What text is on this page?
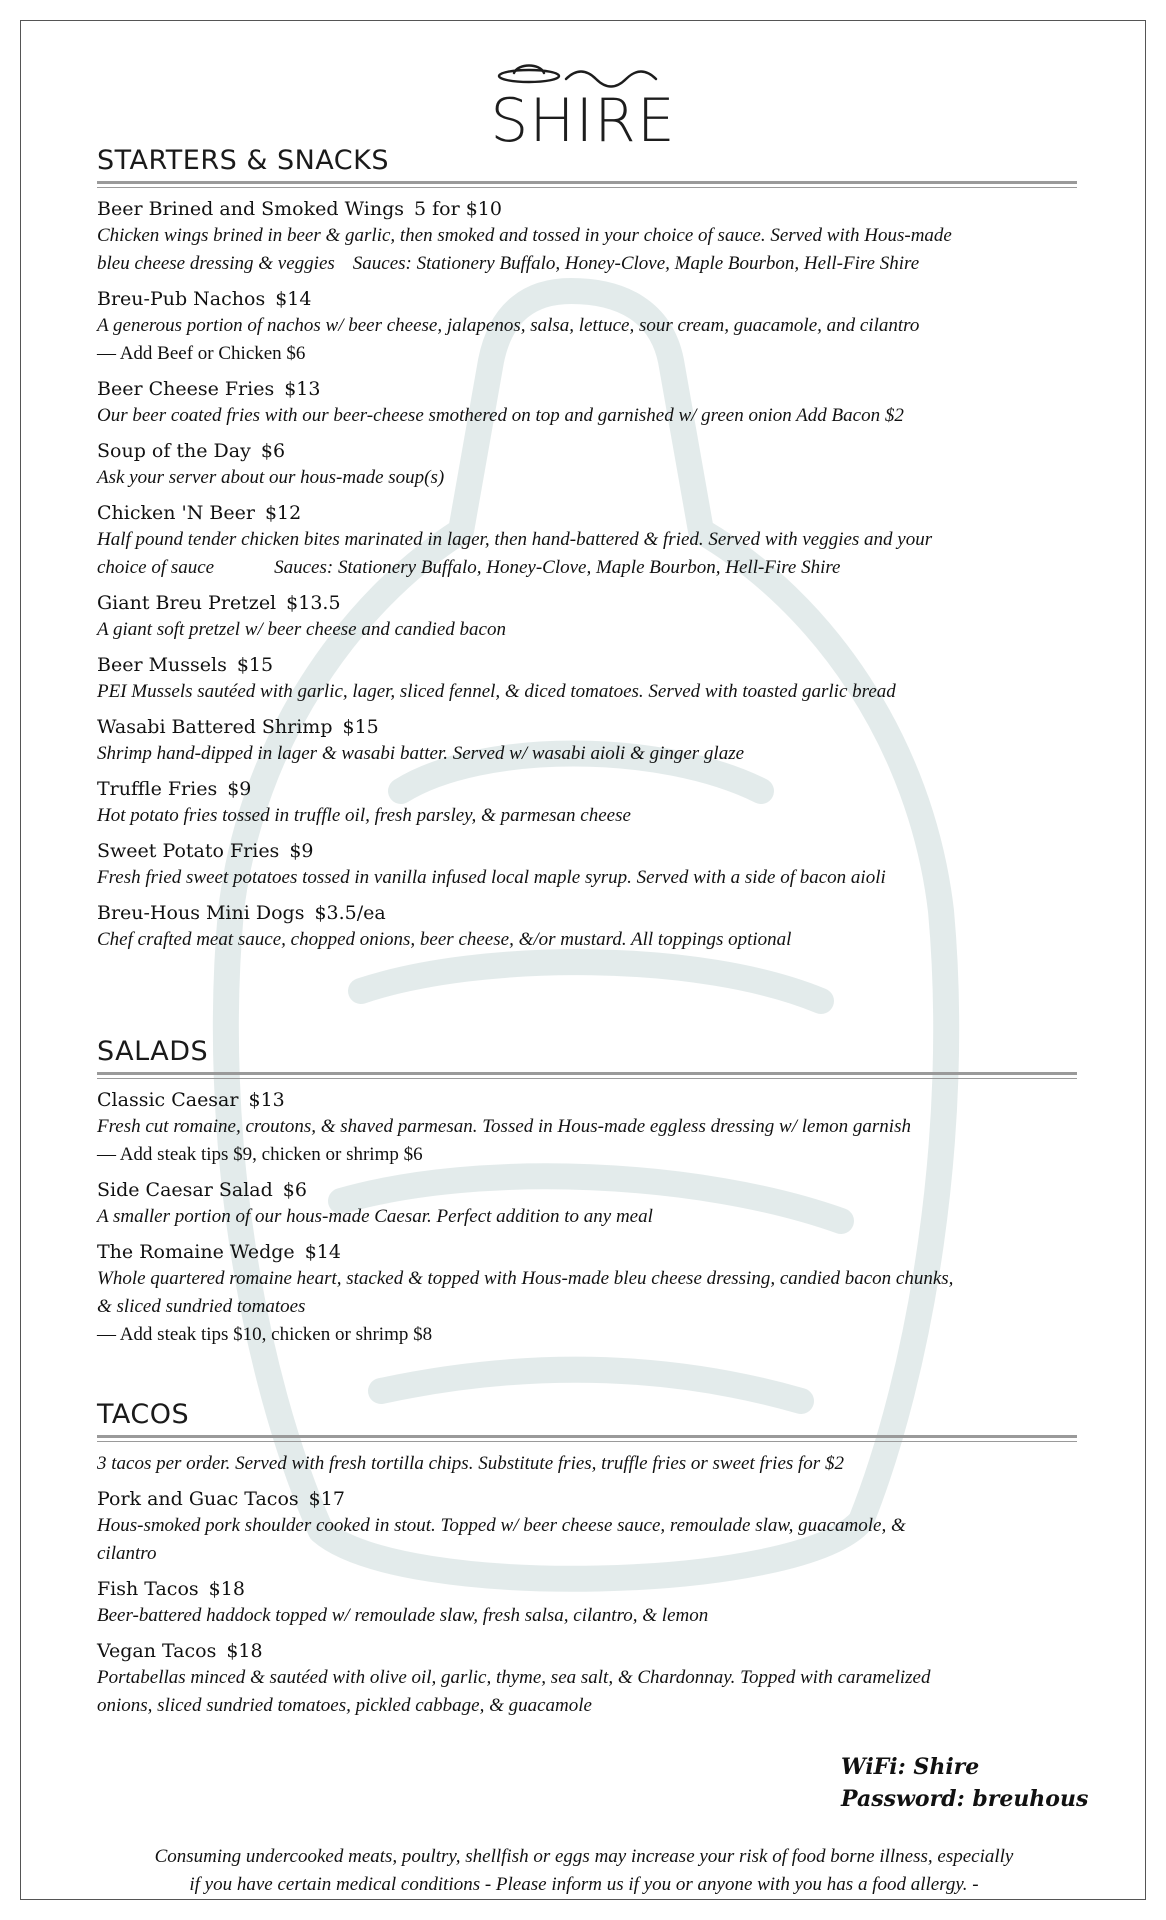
SHIRE
STARTERS & SNACKS
Beer Brined and Smoked Wings 5 for $10
Chicken wings brined in beer & garlic, then smoked and tossed in your choice of sauce. Served with Hous-made
bleu cheese dressing & veggies Sauces: Stationery Buffalo, Honey-Clove, Maple Bourbon, Hell-Fire Shire
Breu-Pub Nachos $14
A generous portion of nachos w/ beer cheese, jalapenos, salsa, lettuce, sour cream, guacamole, and cilantro
— Add Beef or Chicken $6
Beer Cheese Fries $13
Our beer coated fries with our beer-cheese smothered on top and garnished w/ green onion Add Bacon $2
Soup of the Day $6
Ask your server about our hous-made soup(s)
Chicken 'N Beer $12
Half pound tender chicken bites marinated in lager, then hand-battered & fried. Served with veggies and your
choice of sauce	Sauces: Stationery Buffalo, Honey-Clove, Maple Bourbon, Hell-Fire Shire
Giant Breu Pretzel $13.5
A giant soft pretzel w/ beer cheese and candied bacon
Beer Mussels $15
PEI Mussels sautéed with garlic, lager, sliced fennel, & diced tomatoes. Served with toasted garlic bread
Wasabi Battered Shrimp $15
Shrimp hand-dipped in lager & wasabi batter. Served w/ wasabi aioli & ginger glaze
Truffle Fries $9
Hot potato fries tossed in truffle oil, fresh parsley, & parmesan cheese
Sweet Potato Fries $9
Fresh fried sweet potatoes tossed in vanilla infused local maple syrup. Served with a side of bacon aioli
Breu-Hous Mini Dogs $3.5/ea
Chef crafted meat sauce, chopped onions, beer cheese, &/or mustard. All toppings optional
SALADS
Classic Caesar $13
Fresh cut romaine, croutons, & shaved parmesan. Tossed in Hous-made eggless dressing w/ lemon garnish
— Add steak tips $9, chicken or shrimp $6
Side Caesar Salad $6
A smaller portion of our hous-made Caesar. Perfect addition to any meal
The Romaine Wedge $14
Whole quartered romaine heart, stacked & topped with Hous-made bleu cheese dressing, candied bacon chunks,
& sliced sundried tomatoes
— Add steak tips $10, chicken or shrimp $8
TACOS
3 tacos per order. Served with fresh tortilla chips. Substitute fries, truffle fries or sweet fries for $2
Pork and Guac Tacos $17
Hous-smoked pork shoulder cooked in stout. Topped w/ beer cheese sauce, remoulade slaw, guacamole, &
cilantro
Fish Tacos $18
Beer-battered haddock topped w/ remoulade slaw, fresh salsa, cilantro, & lemon
Vegan Tacos $18
Portabellas minced & sautéed with olive oil, garlic, thyme, sea salt, & Chardonnay. Topped with caramelized
onions, sliced sundried tomatoes, pickled cabbage, & guacamole
WiFi: Shire
Password: breuhous
Consuming undercooked meats, poultry, shellfish or eggs may increase your risk of food borne illness, especially
if you have certain medical conditions - Please inform us if you or anyone with you has a food allergy. -
